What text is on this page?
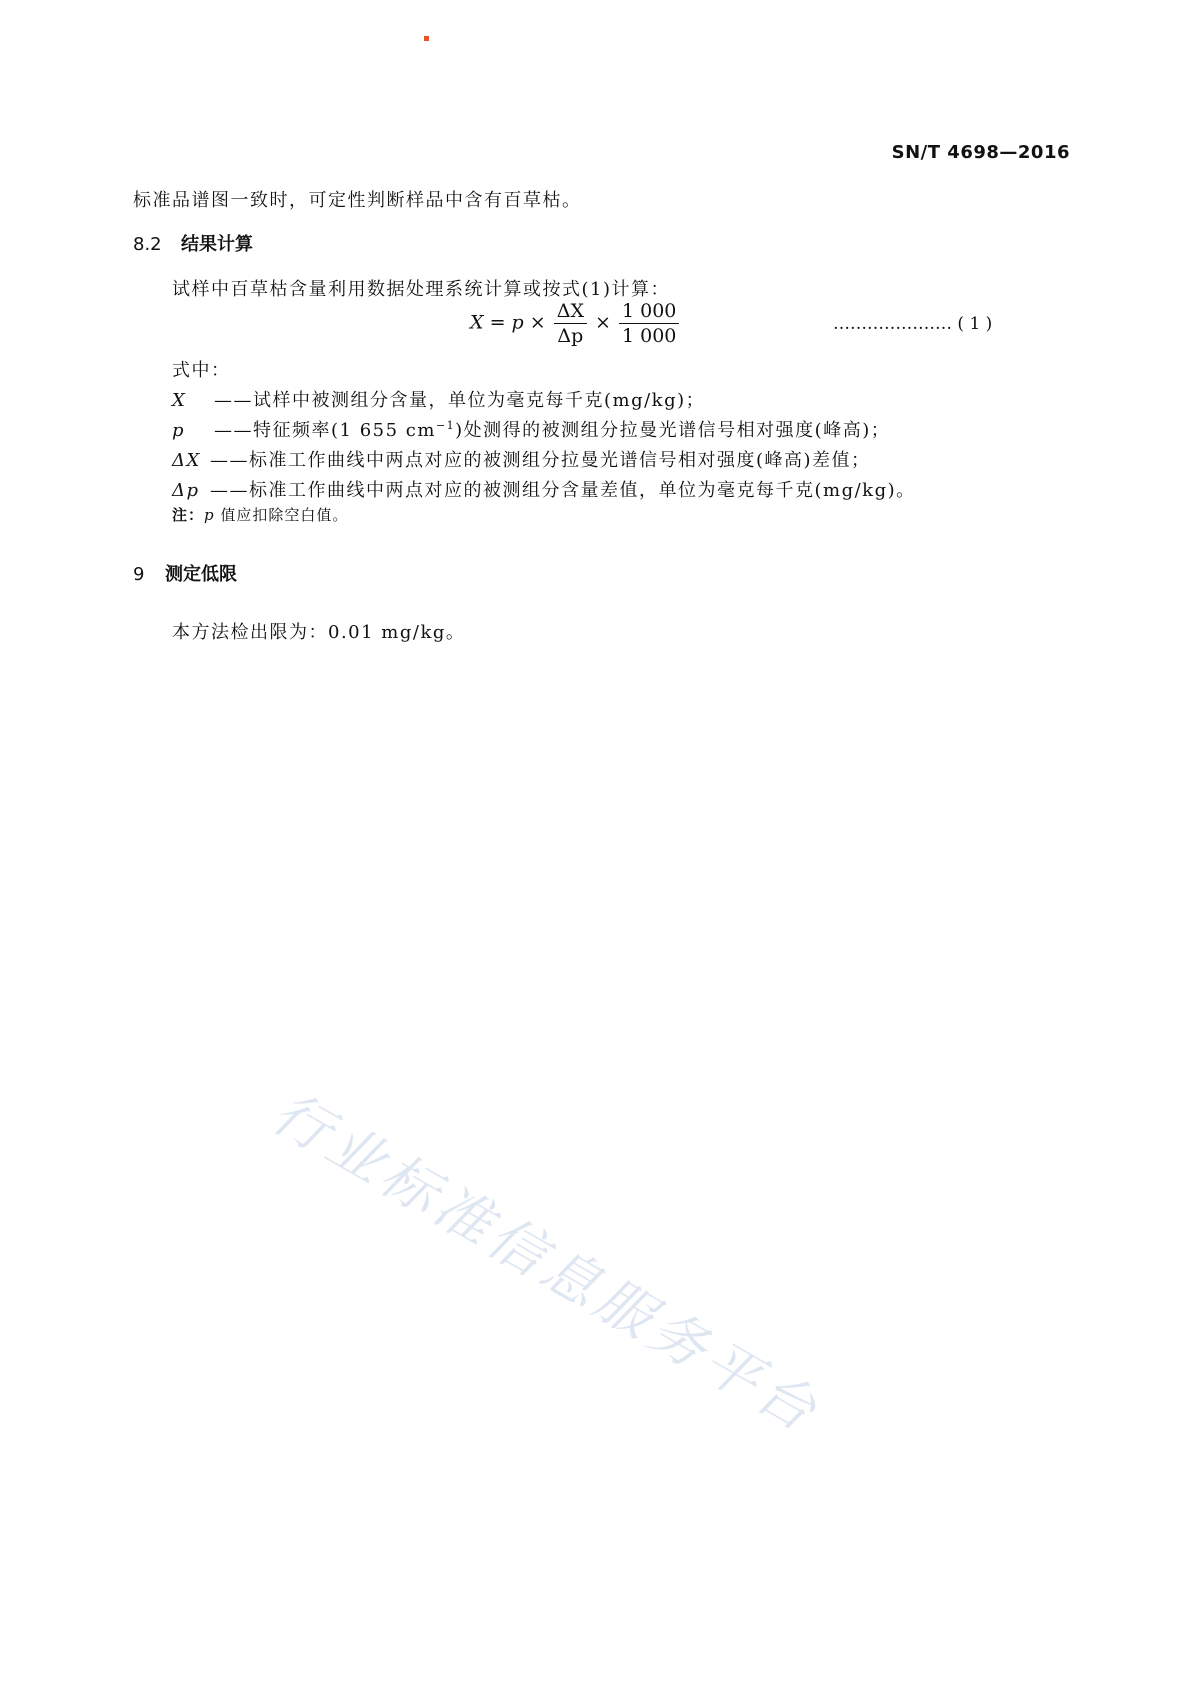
SN/T 4698—2016
标准品谱图一致时，可定性判断样品中含有百草枯。
8.2 结果计算
试样中百草枯含量利用数据处理系统计算或按式(1)计算：
$X = p \times \frac{\Delta X}{\Delta p} \times \frac{1 000}{1 000}$	………………… ( 1 )
式中：
X ——试样中被测组分含量，单位为毫克每千克(mg/kg)；
p ——特征频率(1 655 $cm^{-1}$)处测得的被测组分拉曼光谱信号相对强度(峰高)；
ΔX ——标准工作曲线中两点对应的被测组分拉曼光谱信号相对强度(峰高)差值；
Δp ——标准工作曲线中两点对应的被测组分含量差值，单位为毫克每千克(mg/kg)。
注：p 值应扣除空白值。
9 测定低限
本方法检出限为：0.01 mg/kg。
行业标准信息服务平台
